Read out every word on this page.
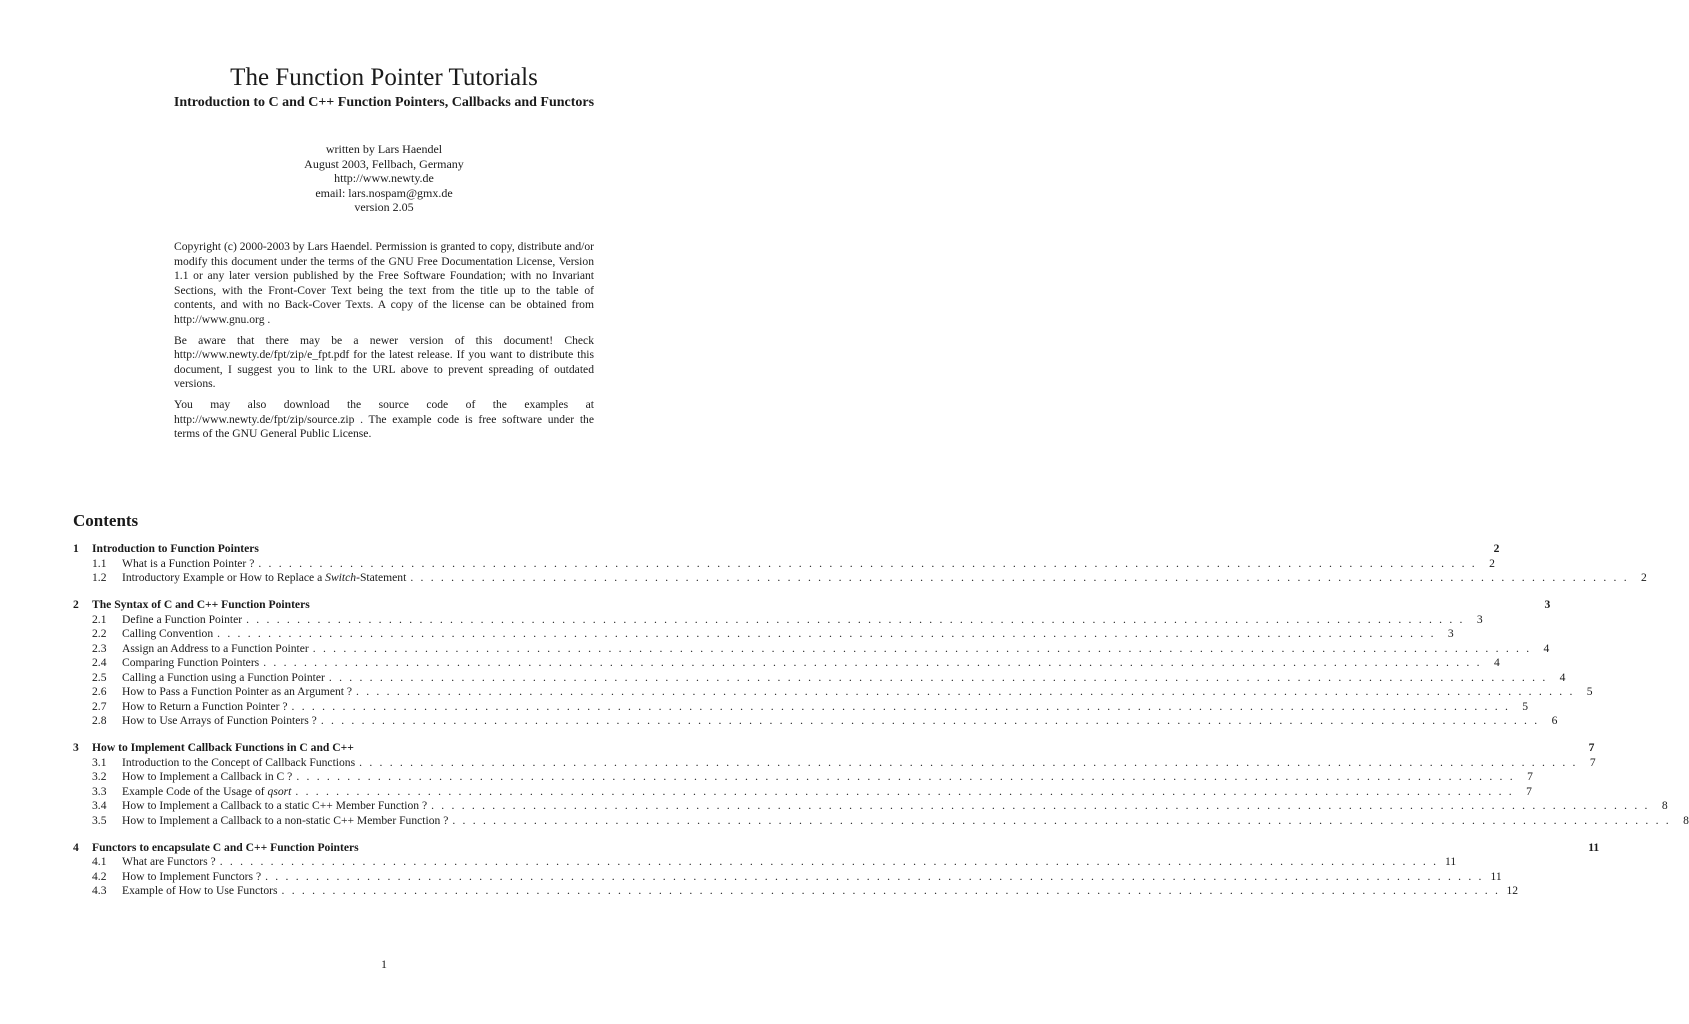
The Function Pointer Tutorials
Introduction to C and C++ Function Pointers, Callbacks and Functors
written by Lars Haendel
August 2003, Fellbach, Germany
http://www.newty.de
email: lars.nospam@gmx.de
version 2.05

Copyright (c) 2000-2003 by Lars Haendel. Permission is granted to copy, distribute and/or modify this document under the terms of the GNU Free Documentation License, Version 1.1 or any later version published by the Free Software Foundation; with no Invariant Sections, with the Front-Cover Text being the text from the title up to the table of contents, and with no Back-Cover Texts. A copy of the license can be obtained from http://www.gnu.org .

Be aware that there may be a newer version of this document! Check http://www.newty.de/fpt/zip/e_fpt.pdf for the latest release. If you want to distribute this document, I suggest you to link to the URL above to prevent spreading of outdated versions.

You may also download the source code of the examples at http://www.newty.de/fpt/zip/source.zip . The example code is free software under the terms of the GNU General Public License.

Contents
1	Introduction to Function Pointers	2
1.1	What is a Function Pointer ? . . . . . . . . . . . . . . . . . . . . . . . . . . . . . . . . . . . . . . . . . . . . . . . . . . . . . . . . . . . . . . . . . . . . . . . . . . . . . . . . . . . . . . . . . . . . . . . . . . . . . . . . . . . . . . . . . . . . . . . .	2
1.2	Introductory Example or How to Replace a Switch-Statement . . . . . . . . . . . . . . . . . . . . . . . . . . . . . . . . . . . . . . . . . . . . . . . . . . . . . . . . . . . . . . . . . . . . . . . . . . . . . . . . . . . . . . . . . . . . . . . . . . . . . . . . . . . . . . . . . . . . . . . .	2
2	The Syntax of C and C++ Function Pointers	3
2.1	Define a Function Pointer . . . . . . . . . . . . . . . . . . . . . . . . . . . . . . . . . . . . . . . . . . . . . . . . . . . . . . . . . . . . . . . . . . . . . . . . . . . . . . . . . . . . . . . . . . . . . . . . . . . . . . . . . . . . . . . . . . . . . . . .	3
2.2	Calling Convention . . . . . . . . . . . . . . . . . . . . . . . . . . . . . . . . . . . . . . . . . . . . . . . . . . . . . . . . . . . . . . . . . . . . . . . . . . . . . . . . . . . . . . . . . . . . . . . . . . . . . . . . . . . . . . . . . . . . . . . .	3
2.3	Assign an Address to a Function Pointer . . . . . . . . . . . . . . . . . . . . . . . . . . . . . . . . . . . . . . . . . . . . . . . . . . . . . . . . . . . . . . . . . . . . . . . . . . . . . . . . . . . . . . . . . . . . . . . . . . . . . . . . . . . . . . . . . . . . . . . .	4
2.4	Comparing Function Pointers . . . . . . . . . . . . . . . . . . . . . . . . . . . . . . . . . . . . . . . . . . . . . . . . . . . . . . . . . . . . . . . . . . . . . . . . . . . . . . . . . . . . . . . . . . . . . . . . . . . . . . . . . . . . . . . . . . . . . . . .	4
2.5	Calling a Function using a Function Pointer . . . . . . . . . . . . . . . . . . . . . . . . . . . . . . . . . . . . . . . . . . . . . . . . . . . . . . . . . . . . . . . . . . . . . . . . . . . . . . . . . . . . . . . . . . . . . . . . . . . . . . . . . . . . . . . . . . . . . . . .	4
2.6	How to Pass a Function Pointer as an Argument ? . . . . . . . . . . . . . . . . . . . . . . . . . . . . . . . . . . . . . . . . . . . . . . . . . . . . . . . . . . . . . . . . . . . . . . . . . . . . . . . . . . . . . . . . . . . . . . . . . . . . . . . . . . . . . . . . . . . . . . . .	5
2.7	How to Return a Function Pointer ? . . . . . . . . . . . . . . . . . . . . . . . . . . . . . . . . . . . . . . . . . . . . . . . . . . . . . . . . . . . . . . . . . . . . . . . . . . . . . . . . . . . . . . . . . . . . . . . . . . . . . . . . . . . . . . . . . . . . . . . .	5
2.8	How to Use Arrays of Function Pointers ? . . . . . . . . . . . . . . . . . . . . . . . . . . . . . . . . . . . . . . . . . . . . . . . . . . . . . . . . . . . . . . . . . . . . . . . . . . . . . . . . . . . . . . . . . . . . . . . . . . . . . . . . . . . . . . . . . . . . . . . .	6
3	How to Implement Callback Functions in C and C++	7
3.1	Introduction to the Concept of Callback Functions . . . . . . . . . . . . . . . . . . . . . . . . . . . . . . . . . . . . . . . . . . . . . . . . . . . . . . . . . . . . . . . . . . . . . . . . . . . . . . . . . . . . . . . . . . . . . . . . . . . . . . . . . . . . . . . . . . . . . . . .	7
3.2	How to Implement a Callback in C ? . . . . . . . . . . . . . . . . . . . . . . . . . . . . . . . . . . . . . . . . . . . . . . . . . . . . . . . . . . . . . . . . . . . . . . . . . . . . . . . . . . . . . . . . . . . . . . . . . . . . . . . . . . . . . . . . . . . . . . . .	7
3.3	Example Code of the Usage of qsort . . . . . . . . . . . . . . . . . . . . . . . . . . . . . . . . . . . . . . . . . . . . . . . . . . . . . . . . . . . . . . . . . . . . . . . . . . . . . . . . . . . . . . . . . . . . . . . . . . . . . . . . . . . . . . . . . . . . . . . .	7
3.4	How to Implement a Callback to a static C++ Member Function ? . . . . . . . . . . . . . . . . . . . . . . . . . . . . . . . . . . . . . . . . . . . . . . . . . . . . . . . . . . . . . . . . . . . . . . . . . . . . . . . . . . . . . . . . . . . . . . . . . . . . . . . . . . . . . . . . . . . . . . . .	8
3.5	How to Implement a Callback to a non-static C++ Member Function ? . . . . . . . . . . . . . . . . . . . . . . . . . . . . . . . . . . . . . . . . . . . . . . . . . . . . . . . . . . . . . . . . . . . . . . . . . . . . . . . . . . . . . . . . . . . . . . . . . . . . . . . . . . . . . . . . . . . . . . . .	8
4	Functors to encapsulate C and C++ Function Pointers	11
4.1	What are Functors ? . . . . . . . . . . . . . . . . . . . . . . . . . . . . . . . . . . . . . . . . . . . . . . . . . . . . . . . . . . . . . . . . . . . . . . . . . . . . . . . . . . . . . . . . . . . . . . . . . . . . . . . . . . . . . . . . . . . . . . . . 11
4.2	How to Implement Functors ? . . . . . . . . . . . . . . . . . . . . . . . . . . . . . . . . . . . . . . . . . . . . . . . . . . . . . . . . . . . . . . . . . . . . . . . . . . . . . . . . . . . . . . . . . . . . . . . . . . . . . . . . . . . . . . . . . . . . . . . . 11
4.3	Example of How to Use Functors . . . . . . . . . . . . . . . . . . . . . . . . . . . . . . . . . . . . . . . . . . . . . . . . . . . . . . . . . . . . . . . . . . . . . . . . . . . . . . . . . . . . . . . . . . . . . . . . . . . . . . . . . . . . . . . . . . . . . . . . 12
1
